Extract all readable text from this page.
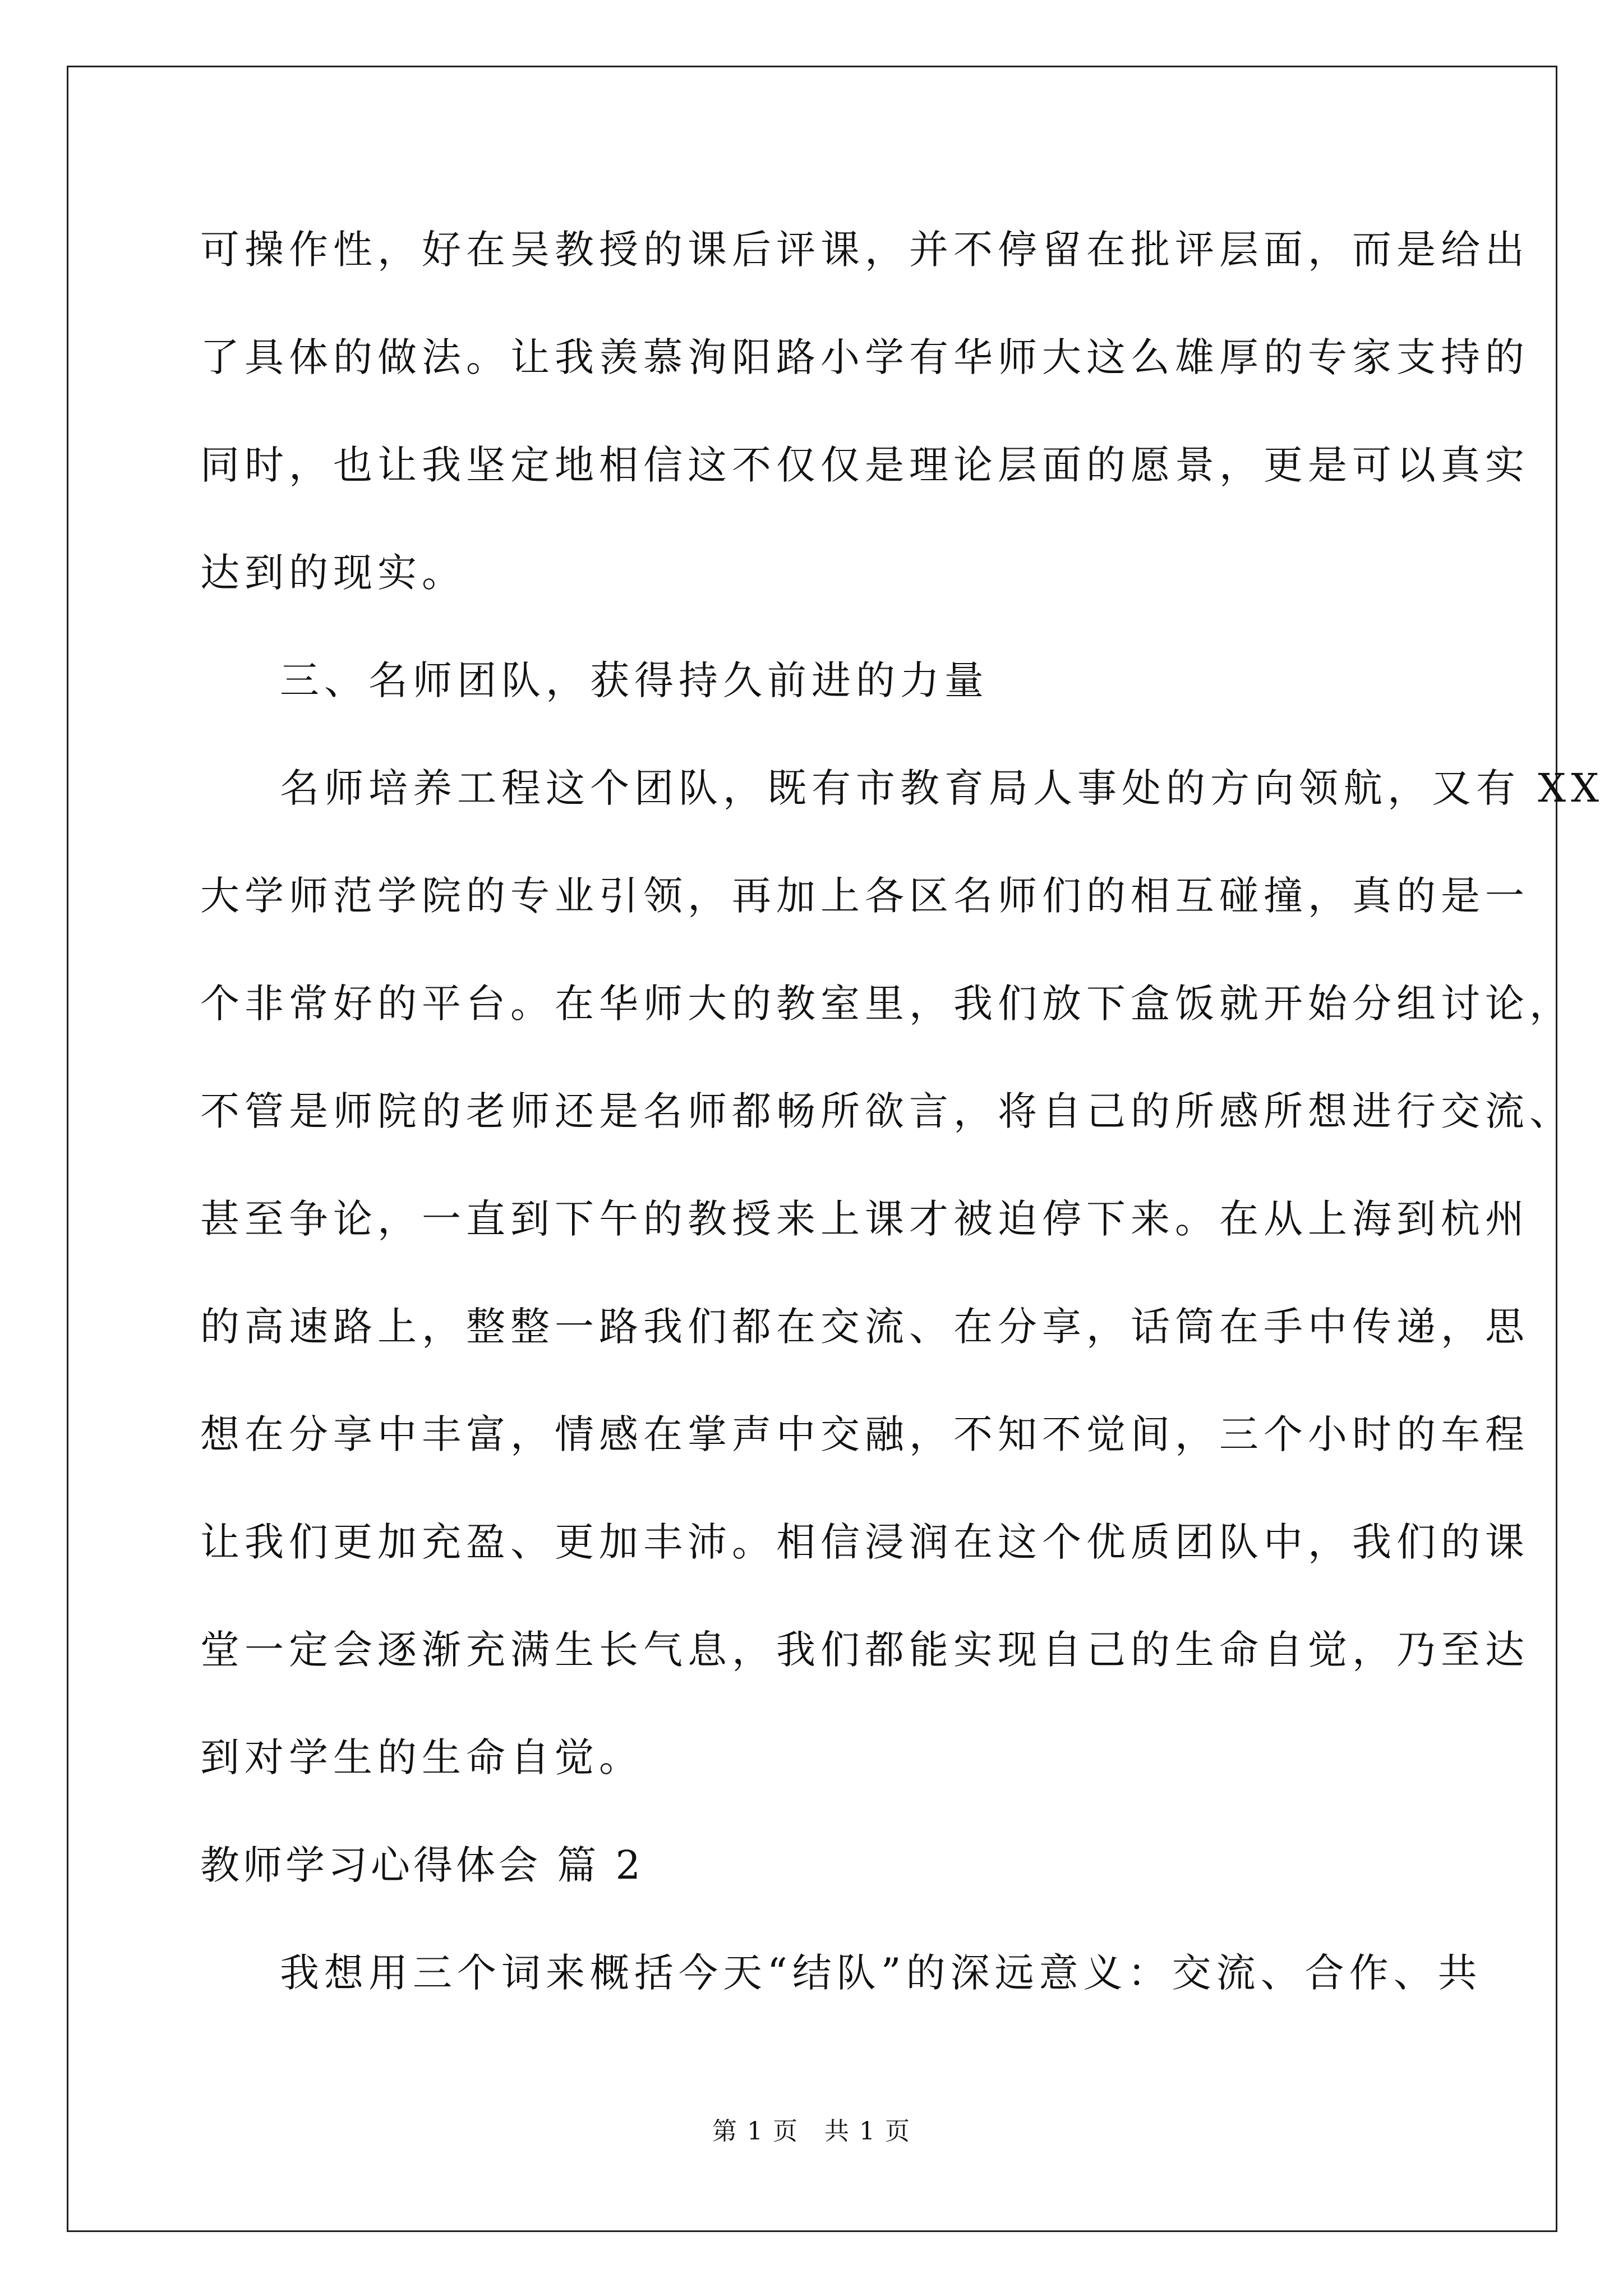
可操作性，好在吴教授的课后评课，并不停留在批评层面，而是给出
了具体的做法。让我羡慕洵阳路小学有华师大这么雄厚的专家支持的
同时，也让我坚定地相信这不仅仅是理论层面的愿景，更是可以真实
达到的现实。
三、名师团队，获得持久前进的力量
名师培养工程这个团队，既有市教育局人事处的方向领航，又有 XX
大学师范学院的专业引领，再加上各区名师们的相互碰撞，真的是一
个非常好的平台。在华师大的教室里，我们放下盒饭就开始分组讨论，
不管是师院的老师还是名师都畅所欲言，将自己的所感所想进行交流、
甚至争论，一直到下午的教授来上课才被迫停下来。在从上海到杭州
的高速路上，整整一路我们都在交流、在分享，话筒在手中传递，思
想在分享中丰富，情感在掌声中交融，不知不觉间，三个小时的车程
让我们更加充盈、更加丰沛。相信浸润在这个优质团队中，我们的课
堂一定会逐渐充满生长气息，我们都能实现自己的生命自觉，乃至达
到对学生的生命自觉。
教师学习心得体会 篇 2
我想用三个词来概括今天“结队”的深远意义：交流、合作、共
第 1 页　共 1 页
